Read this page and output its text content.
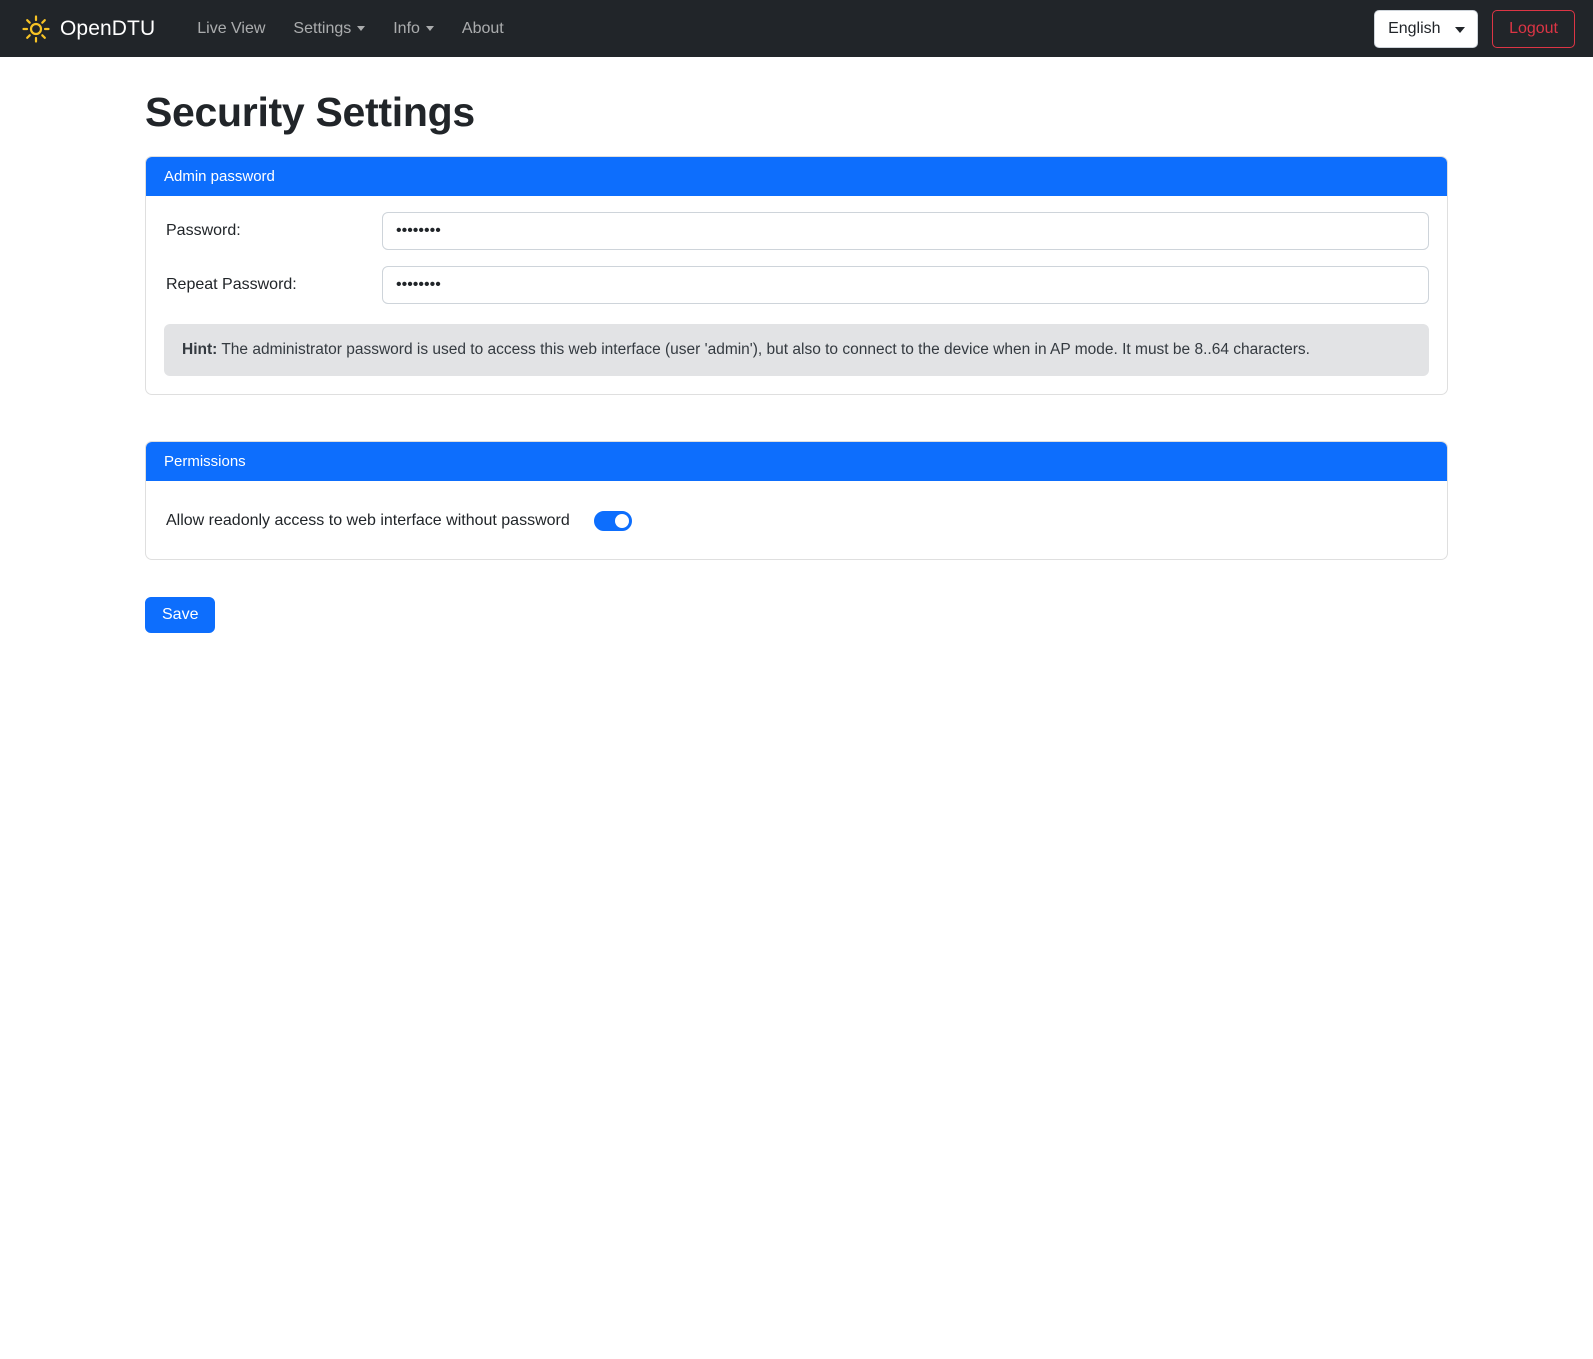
OpenDTU	Live View Settings	Info	About
English	Logout
Security Settings
Admin password
Password:
Repeat Password:
Hint: The administrator password is used to access this web interface (user 'admin'), but also to connect to the device when in AP mode. It must be 8..64 characters.
Permissions
Allow readonly access to web interface without password
Save
